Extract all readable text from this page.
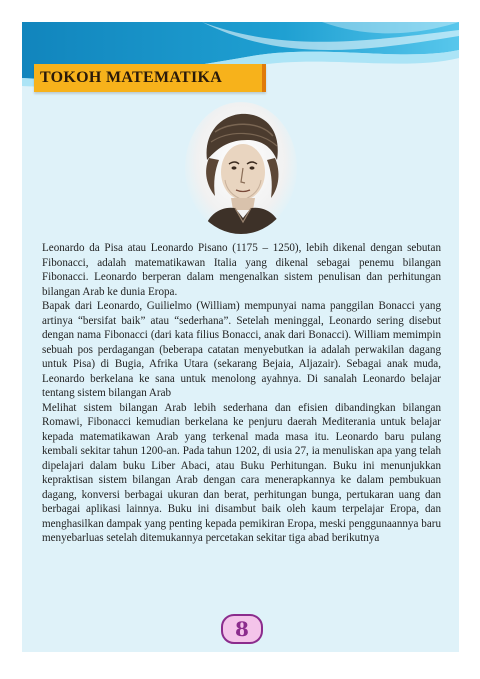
TOKOH MATEMATIKA

Leonardo da Pisa atau Leonardo Pisano (1175 – 1250), lebih dikenal dengan sebutan Fibonacci, adalah matematikawan Italia yang dikenal sebagai penemu bilangan Fibonacci. Leonardo berperan dalam mengenalkan sistem penulisan dan perhitungan bilangan Arab ke dunia Eropa.

Bapak dari Leonardo, Guilielmo (William) mempunyai nama panggilan Bonacci yang artinya “bersifat baik” atau “sederhana”. Setelah meninggal, Leonardo sering disebut dengan nama Fibonacci (dari kata filius Bonacci, anak dari Bonacci). William memimpin sebuah pos perdagangan (beberapa catatan menyebutkan ia adalah perwakilan dagang untuk Pisa) di Bugia, Afrika Utara (sekarang Bejaia, Aljazair). Sebagai anak muda, Leonardo berkelana ke sana untuk menolong ayahnya. Di sanalah Leonardo belajar tentang sistem bilangan Arab

Melihat sistem bilangan Arab lebih sederhana dan efisien dibandingkan bilangan Romawi, Fibonacci kemudian berkelana ke penjuru daerah Mediterania untuk belajar kepada matematikawan Arab yang terkenal mada masa itu. Leonardo baru pulang kembali sekitar tahun 1200-an. Pada tahun 1202, di usia 27, ia menuliskan apa yang telah dipelajari dalam buku Liber Abaci, atau Buku Perhitungan. Buku ini menunjukkan kepraktisan sistem bilangan Arab dengan cara menerapkannya ke dalam pembukuan dagang, konversi berbagai ukuran dan berat, perhitungan bunga, pertukaran uang dan berbagai aplikasi lainnya. Buku ini disambut baik oleh kaum terpelajar Eropa, dan menghasilkan dampak yang penting kepada pemikiran Eropa, meski penggunaannya baru menyebarluas setelah ditemukannya percetakan sekitar tiga abad berikutnya

8
